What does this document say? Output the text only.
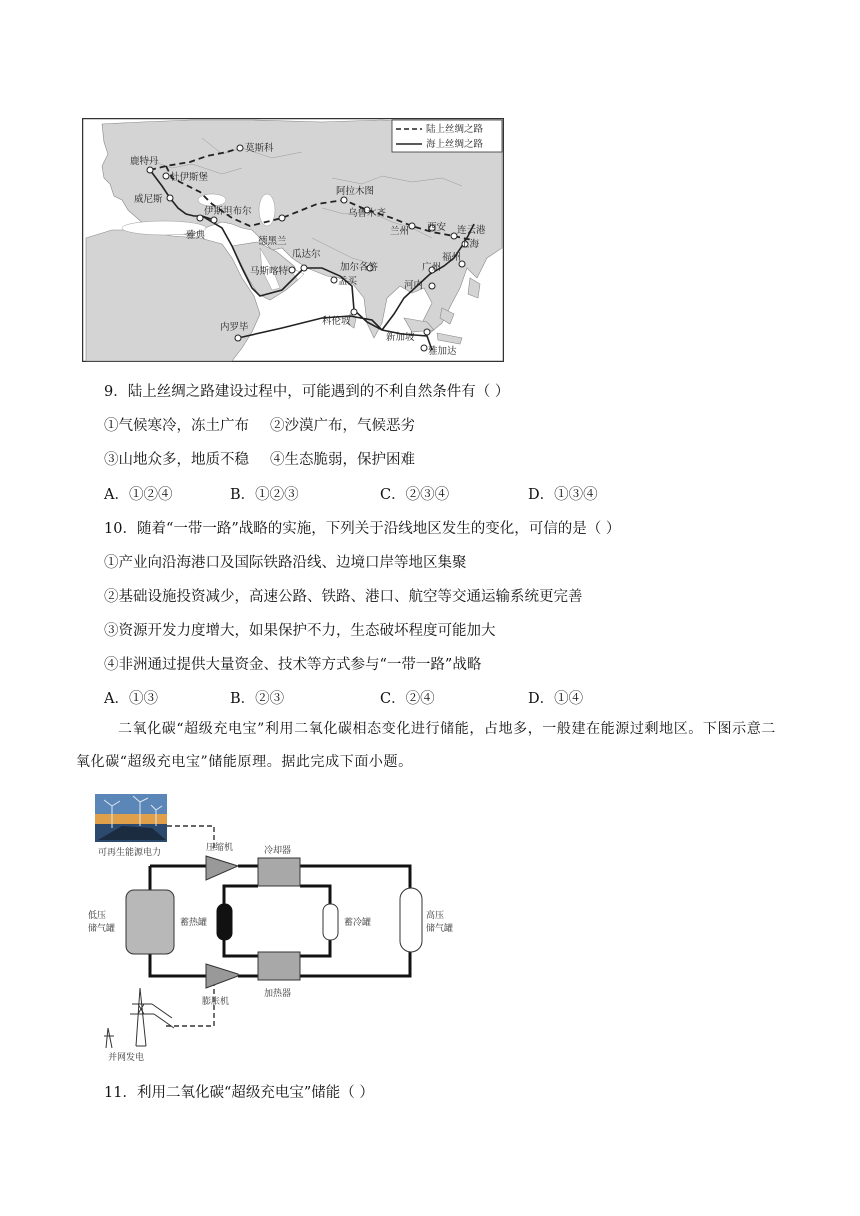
陆上丝绸之路
海上丝绸之路
莫斯科
鹿特丹
杜伊斯堡
威尼斯
伊斯坦布尔
雅典
德黑兰
阿拉木图
乌鲁木齐
兰州 西安 连云港
上海
福州
广州
河内
瓜达尔
加尔各答
马斯喀特
孟买
科伦坡
内罗毕
新加坡
雅加达
9．陆上丝绸之路建设过程中，可能遇到的不利自然条件有（ ）
①气候寒冷，冻土广布 ②沙漠广布，气候恶劣
③山地众多，地质不稳 ④生态脆弱，保护困难
A．①②④	B．①②③	C．②③④	D．①③④
10．随着“一带一路”战略的实施，下列关于沿线地区发生的变化，可信的是（ ）
①产业向沿海港口及国际铁路沿线、边境口岸等地区集聚
②基础设施投资减少，高速公路、铁路、港口、航空等交通运输系统更完善
③资源开发力度增大，如果保护不力，生态破坏程度可能加大
④非洲通过提供大量资金、技术等方式参与“一带一路”战略
A．①③	B．②③	C．②④	D．①④
二氧化碳“超级充电宝”利用二氧化碳相态变化进行储能，占地多，一般建在能源过剩地区。下图示意二氧化碳“超级充电宝”储能原理。据此完成下面小题。
可再生能源电力	压缩机	冷却器
低压
储气罐
蓄热罐	蓄冷罐
高压
储气罐
膨胀机
加热器
并网发电
11．利用二氧化碳“超级充电宝”储能（ ）
